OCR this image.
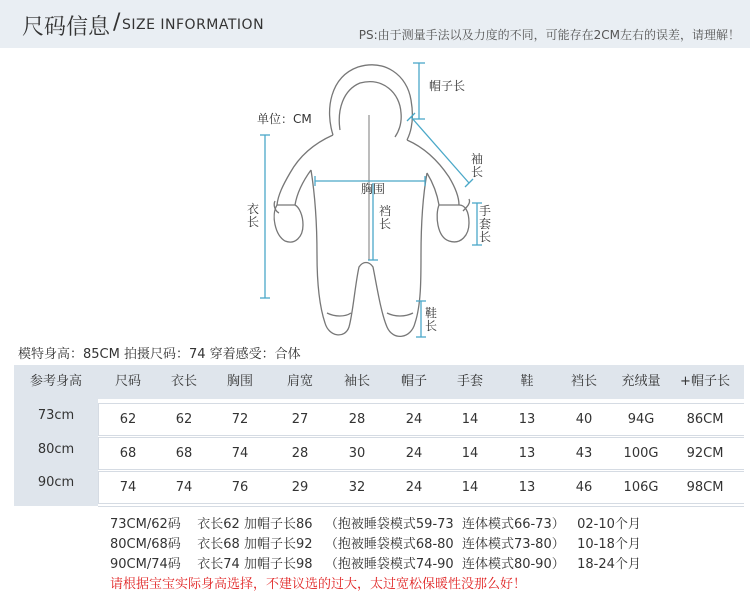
尺码信息 / SIZE INFORMATION
PS:由于测量手法以及力度的不同，可能存在2CM左右的误差，请理解！
单位：CM
帽子长
袖长
胸围
裆长
手套长
衣长
鞋长
模特身高：85CM 拍摄尺码：74 穿着感受：合体
参考身高	尺码	衣长	胸围	肩宽	袖长	帽子	手套	鞋	裆长	充绒量	+帽子长
73cm	62	62	72	27	28	24	14	13	40	94G	86CM
80cm	68	68	74	28	30	24	14	13	43	100G	92CM
90cm	74	74	76	29	32	24	14	13	46	106G	98CM
73CM/62码    衣长62 加帽子长86   （抱被睡袋模式59-73  连体模式66-73）   02-10个月
80CM/68码    衣长68 加帽子长92   （抱被睡袋模式68-80  连体模式73-80）   10-18个月
90CM/74码    衣长74 加帽子长98   （抱被睡袋模式74-90  连体模式80-90）   18-24个月
请根据宝宝实际身高选择，不建议选的过大，太过宽松保暖性没那么好！
